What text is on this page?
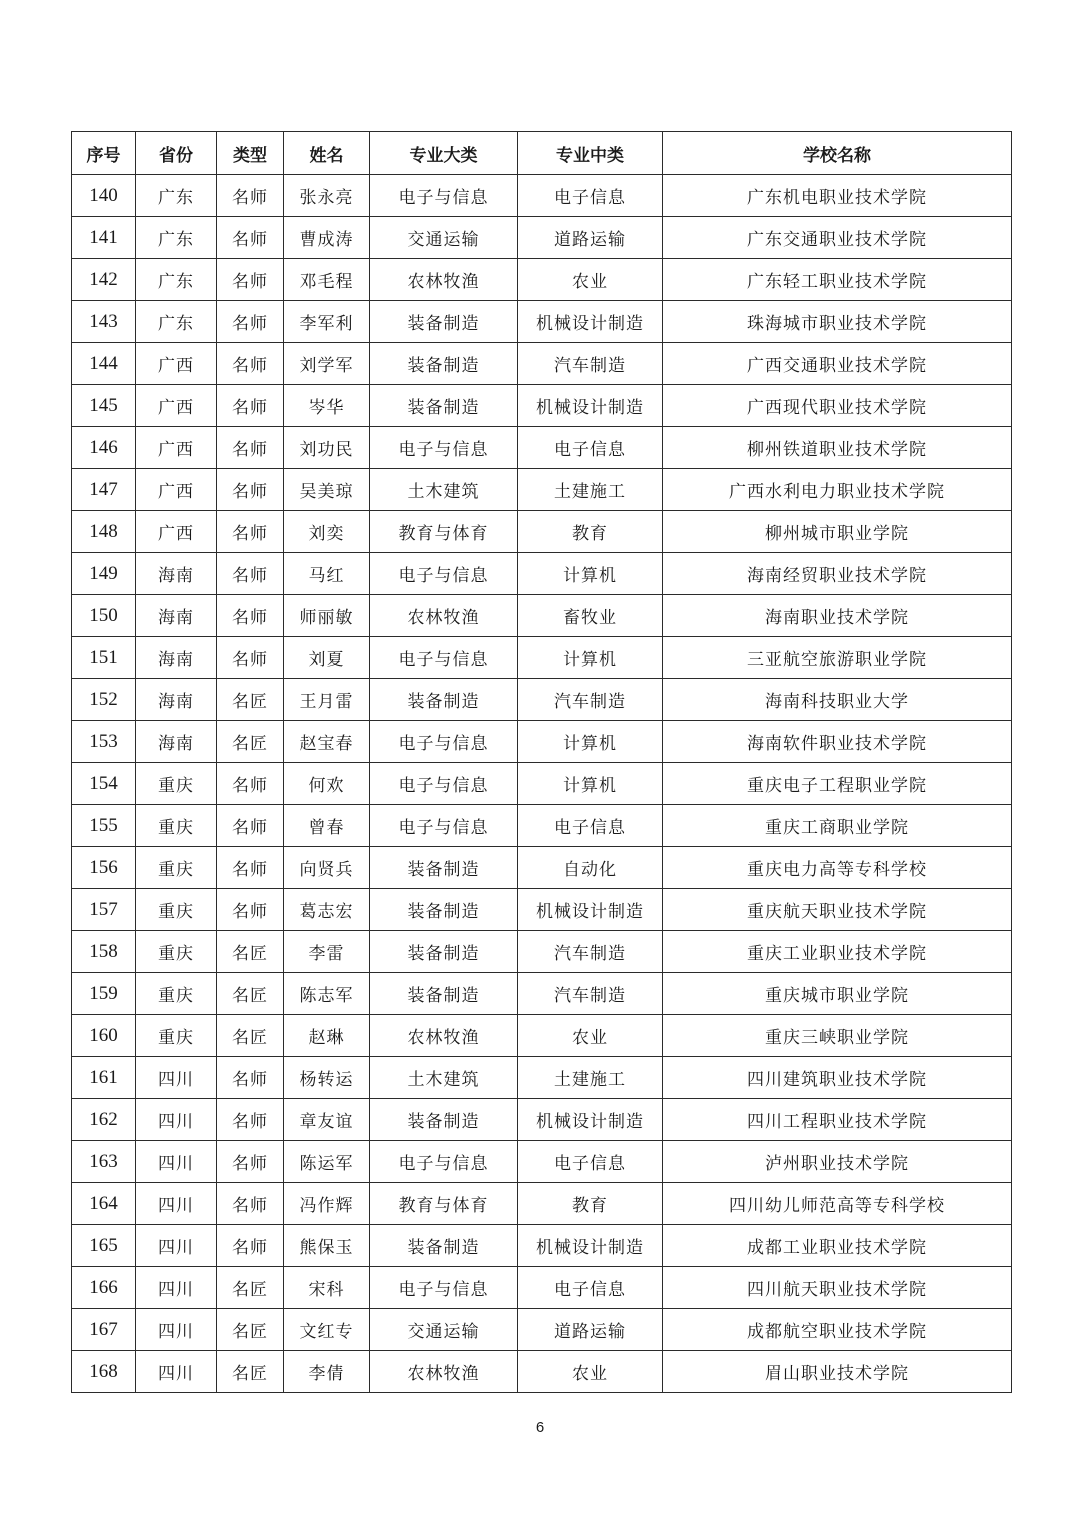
序号	省份	类型	姓名	专业大类	专业中类	学校名称
140	广东	名师	张永亮	电子与信息	电子信息	广东机电职业技术学院
141	广东	名师	曹成涛	交通运输	道路运输	广东交通职业技术学院
142	广东	名师	邓毛程	农林牧渔	农业	广东轻工职业技术学院
143	广东	名师	李军利	装备制造	机械设计制造	珠海城市职业技术学院
144	广西	名师	刘学军	装备制造	汽车制造	广西交通职业技术学院
145	广西	名师	岑华	装备制造	机械设计制造	广西现代职业技术学院
146	广西	名师	刘功民	电子与信息	电子信息	柳州铁道职业技术学院
147	广西	名师	吴美琼	土木建筑	土建施工	广西水利电力职业技术学院
148	广西	名师	刘奕	教育与体育	教育	柳州城市职业学院
149	海南	名师	马红	电子与信息	计算机	海南经贸职业技术学院
150	海南	名师	师丽敏	农林牧渔	畜牧业	海南职业技术学院
151	海南	名师	刘夏	电子与信息	计算机	三亚航空旅游职业学院
152	海南	名匠	王月雷	装备制造	汽车制造	海南科技职业大学
153	海南	名匠	赵宝春	电子与信息	计算机	海南软件职业技术学院
154	重庆	名师	何欢	电子与信息	计算机	重庆电子工程职业学院
155	重庆	名师	曾春	电子与信息	电子信息	重庆工商职业学院
156	重庆	名师	向贤兵	装备制造	自动化	重庆电力高等专科学校
157	重庆	名师	葛志宏	装备制造	机械设计制造	重庆航天职业技术学院
158	重庆	名匠	李雷	装备制造	汽车制造	重庆工业职业技术学院
159	重庆	名匠	陈志军	装备制造	汽车制造	重庆城市职业学院
160	重庆	名匠	赵琳	农林牧渔	农业	重庆三峡职业学院
161	四川	名师	杨转运	土木建筑	土建施工	四川建筑职业技术学院
162	四川	名师	章友谊	装备制造	机械设计制造	四川工程职业技术学院
163	四川	名师	陈运军	电子与信息	电子信息	泸州职业技术学院
164	四川	名师	冯作辉	教育与体育	教育	四川幼儿师范高等专科学校
165	四川	名师	熊保玉	装备制造	机械设计制造	成都工业职业技术学院
166	四川	名匠	宋科	电子与信息	电子信息	四川航天职业技术学院
167	四川	名匠	文红专	交通运输	道路运输	成都航空职业技术学院
168	四川	名匠	李倩	农林牧渔	农业	眉山职业技术学院
6
